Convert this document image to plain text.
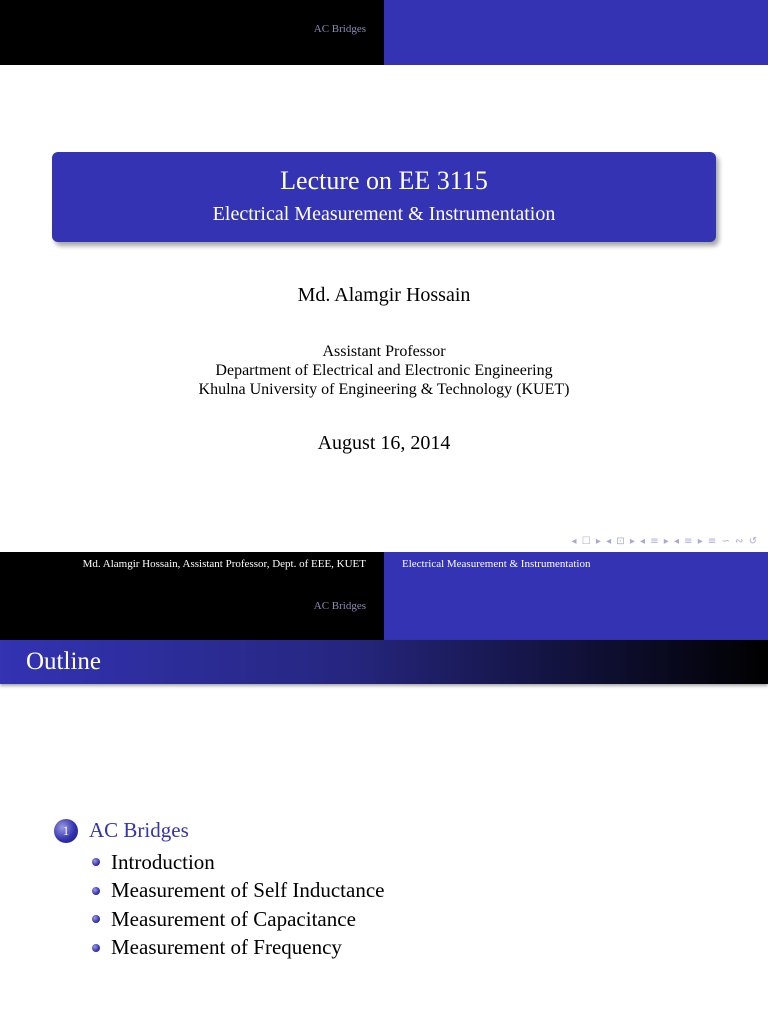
AC Bridges
Lecture on EE 3115
Electrical Measurement & Instrumentation
Md. Alamgir Hossain
Assistant Professor
Department of Electrical and Electronic Engineering
Khulna University of Engineering & Technology (KUET)
August 16, 2014
◂ ☐ ▸ ◂ ⊡ ▸ ◂ ≡ ▸ ◂ ≡ ▸ ≡ ∽ ∾ ↺
Md. Alamgir Hossain, Assistant Professor, Dept. of EEE, KUET	Electrical Measurement & Instrumentation
AC Bridges
Outline
1 AC Bridges
Introduction
Measurement of Self Inductance
Measurement of Capacitance
Measurement of Frequency
